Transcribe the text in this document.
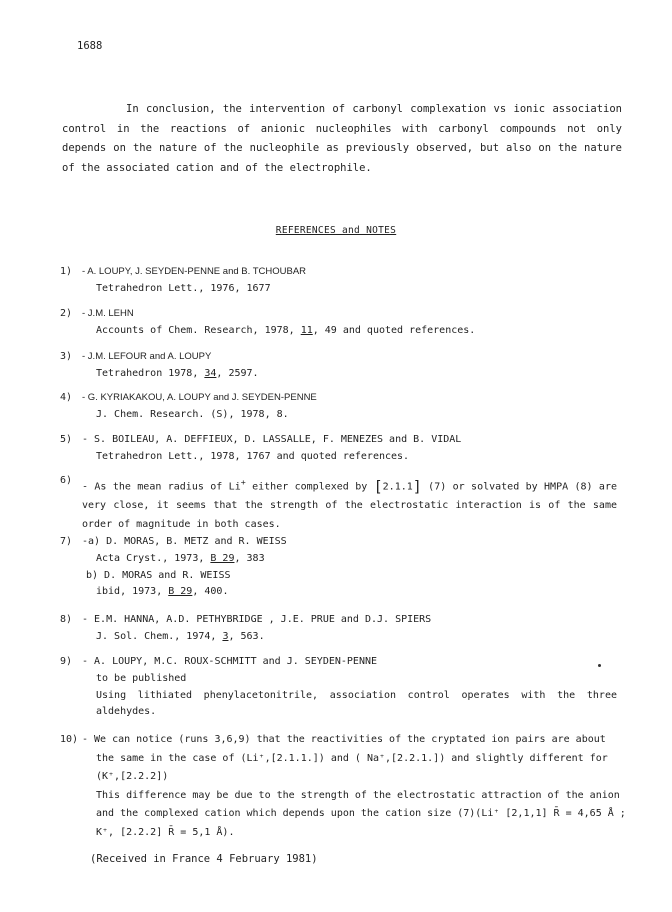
1688

In conclusion, the intervention of carbonyl complexation vs ionic association control in the reactions of anionic nucleophiles with carbonyl compounds not only depends on the nature of the nucleophile as previously observed, but also on the nature of the associated cation and of the electrophile.

REFERENCES and NOTES
1) - A. LOUPY, J. SEYDEN-PENNE and B. TCHOUBAR
Tetrahedron Lett., 1976, 1677
2) - J.M. LEHN
Accounts of Chem. Research, 1978, 11, 49 and quoted references.
3) - J.M. LEFOUR and A. LOUPY
Tetrahedron 1978, 34, 2597.
4) - G. KYRIAKAKOU, A. LOUPY and J. SEYDEN-PENNE
J. Chem. Research. (S), 1978, 8.
5) - S. BOILEAU, A. DEFFIEUX, D. LASSALLE, F. MENEZES and B. VIDAL
Tetrahedron Lett., 1978, 1767 and quoted references.
6)
- As the mean radius of Li+ either complexed by [2.1.1] (7) or solvated by HMPA (8) are very close, it seems that the strength of the electrostatic interaction is of the same order of magnitude in both cases.
7) -a) D. MORAS, B. METZ and R. WEISS
Acta Cryst., 1973, B 29, 383
b) D. MORAS and R. WEISS
ibid, 1973, B 29, 400.
8) - E.M. HANNA, A.D. PETHYBRIDGE , J.E. PRUE and D.J. SPIERS
J. Sol. Chem., 1974, 3, 563.
9) - A. LOUPY, M.C. ROUX-SCHMITT and J. SEYDEN-PENNE
to be published
Using lithiated phenylacetonitrile, association control operates with the three aldehydes.
10) - We can notice (runs 3,6,9) that the reactivities of the cryptated ion pairs are about
the same in the case of (Li⁺,[2.1.1.]) and ( Na⁺,[2.2.1.]) and slightly different for
(K⁺,[2.2.2])
This difference may be due to the strength of the electrostatic attraction of the anion
and the complexed cation which depends upon the cation size (7)(Li⁺ [2,1,1] R̄ = 4,65 Å ;
K⁺, [2.2.2] R̄ = 5,1 Å).
(Received in France 4 February 1981)
